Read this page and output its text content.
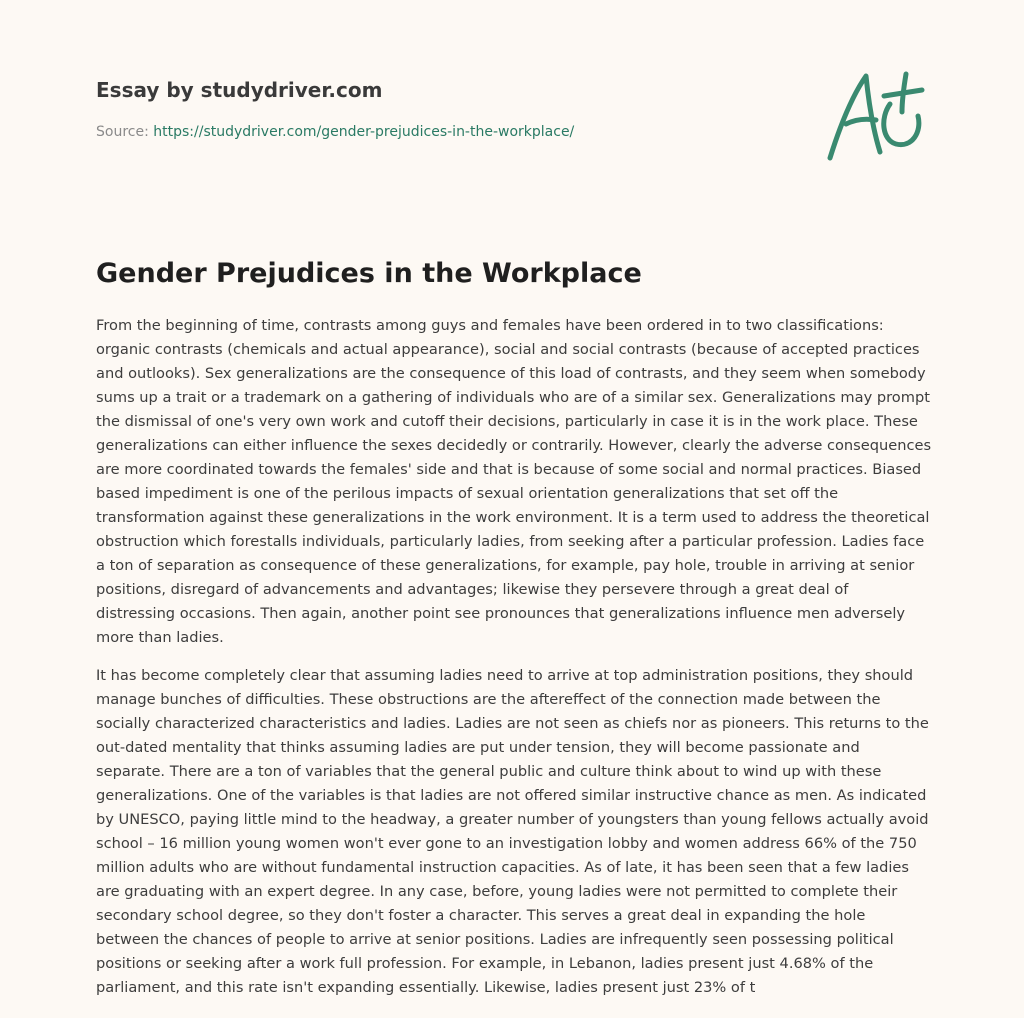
Essay by studydriver.com
Source: https://studydriver.com/gender-prejudices-in-the-workplace/
Gender Prejudices in the Workplace

From the beginning of time, contrasts among guys and females have been ordered in to two classifications: organic contrasts (chemicals and actual appearance), social and social contrasts (because of accepted practices and outlooks). Sex generalizations are the consequence of this load of contrasts, and they seem when somebody sums up a trait or a trademark on a gathering of individuals who are of a similar sex. Generalizations may prompt the dismissal of one's very own work and cutoff their decisions, particularly in case it is in the work place. These generalizations can either influence the sexes decidedly or contrarily. However, clearly the adverse consequences are more coordinated towards the females' side and that is because of some social and normal practices. Biased based impediment is one of the perilous impacts of sexual orientation generalizations that set off the transformation against these generalizations in the work environment. It is a term used to address the theoretical obstruction which forestalls individuals, particularly ladies, from seeking after a particular profession. Ladies face a ton of separation as consequence of these generalizations, for example, pay hole, trouble in arriving at senior positions, disregard of advancements and advantages; likewise they persevere through a great deal of distressing occasions. Then again, another point see pronounces that generalizations influence men adversely more than ladies.

It has become completely clear that assuming ladies need to arrive at top administration positions, they should manage bunches of difficulties. These obstructions are the aftereffect of the connection made between the socially characterized characteristics and ladies. Ladies are not seen as chiefs nor as pioneers. This returns to the out-dated mentality that thinks assuming ladies are put under tension, they will become passionate and separate. There are a ton of variables that the general public and culture think about to wind up with these generalizations. One of the variables is that ladies are not offered similar instructive chance as men. As indicated by UNESCO, paying little mind to the headway, a greater number of youngsters than young fellows actually avoid school – 16 million young women won't ever gone to an investigation lobby and women address 66% of the 750 million adults who are without fundamental instruction capacities. As of late, it has been seen that a few ladies are graduating with an expert degree. In any case, before, young ladies were not permitted to complete their secondary school degree, so they don't foster a character. This serves a great deal in expanding the hole between the chances of people to arrive at senior positions. Ladies are infrequently seen possessing political positions or seeking after a work full profession. For example, in Lebanon, ladies present just 4.68% of the parliament, and this rate isn't expanding essentially. Likewise, ladies present just 23% of t
